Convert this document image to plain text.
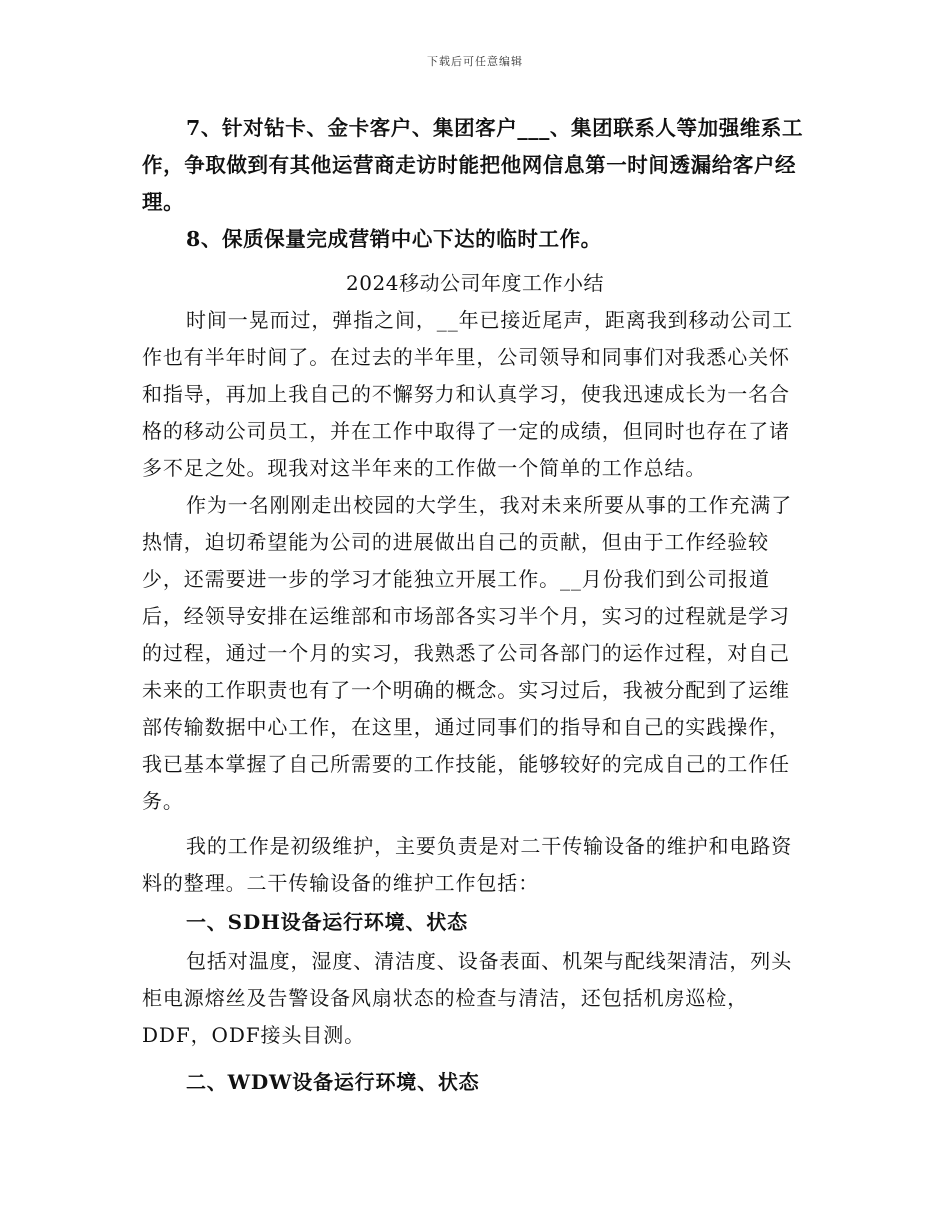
下载后可任意编辑

7、针对钻卡、金卡客户、集团客户___、集团联系人等加强维系工作，争取做到有其他运营商走访时能把他网信息第一时间透漏给客户经理。

8、保质保量完成营销中心下达的临时工作。

2024移动公司年度工作小结

时间一晃而过，弹指之间，__年已接近尾声，距离我到移动公司工作也有半年时间了。在过去的半年里，公司领导和同事们对我悉心关怀和指导，再加上我自己的不懈努力和认真学习，使我迅速成长为一名合格的移动公司员工，并在工作中取得了一定的成绩，但同时也存在了诸多不足之处。现我对这半年来的工作做一个简单的工作总结。

作为一名刚刚走出校园的大学生，我对未来所要从事的工作充满了热情，迫切希望能为公司的进展做出自己的贡献，但由于工作经验较少，还需要进一步的学习才能独立开展工作。__月份我们到公司报道后，经领导安排在运维部和市场部各实习半个月，实习的过程就是学习的过程，通过一个月的实习，我熟悉了公司各部门的运作过程，对自己未来的工作职责也有了一个明确的概念。实习过后，我被分配到了运维部传输数据中心工作，在这里，通过同事们的指导和自己的实践操作，我已基本掌握了自己所需要的工作技能，能够较好的完成自己的工作任务。

我的工作是初级维护，主要负责是对二干传输设备的维护和电路资料的整理。二干传输设备的维护工作包括：

一、SDH设备运行环境、状态

包括对温度，湿度、清洁度、设备表面、机架与配线架清洁，列头柜电源熔丝及告警设备风扇状态的检查与清洁，还包括机房巡检，DDF，ODF接头目测。

二、WDW设备运行环境、状态
